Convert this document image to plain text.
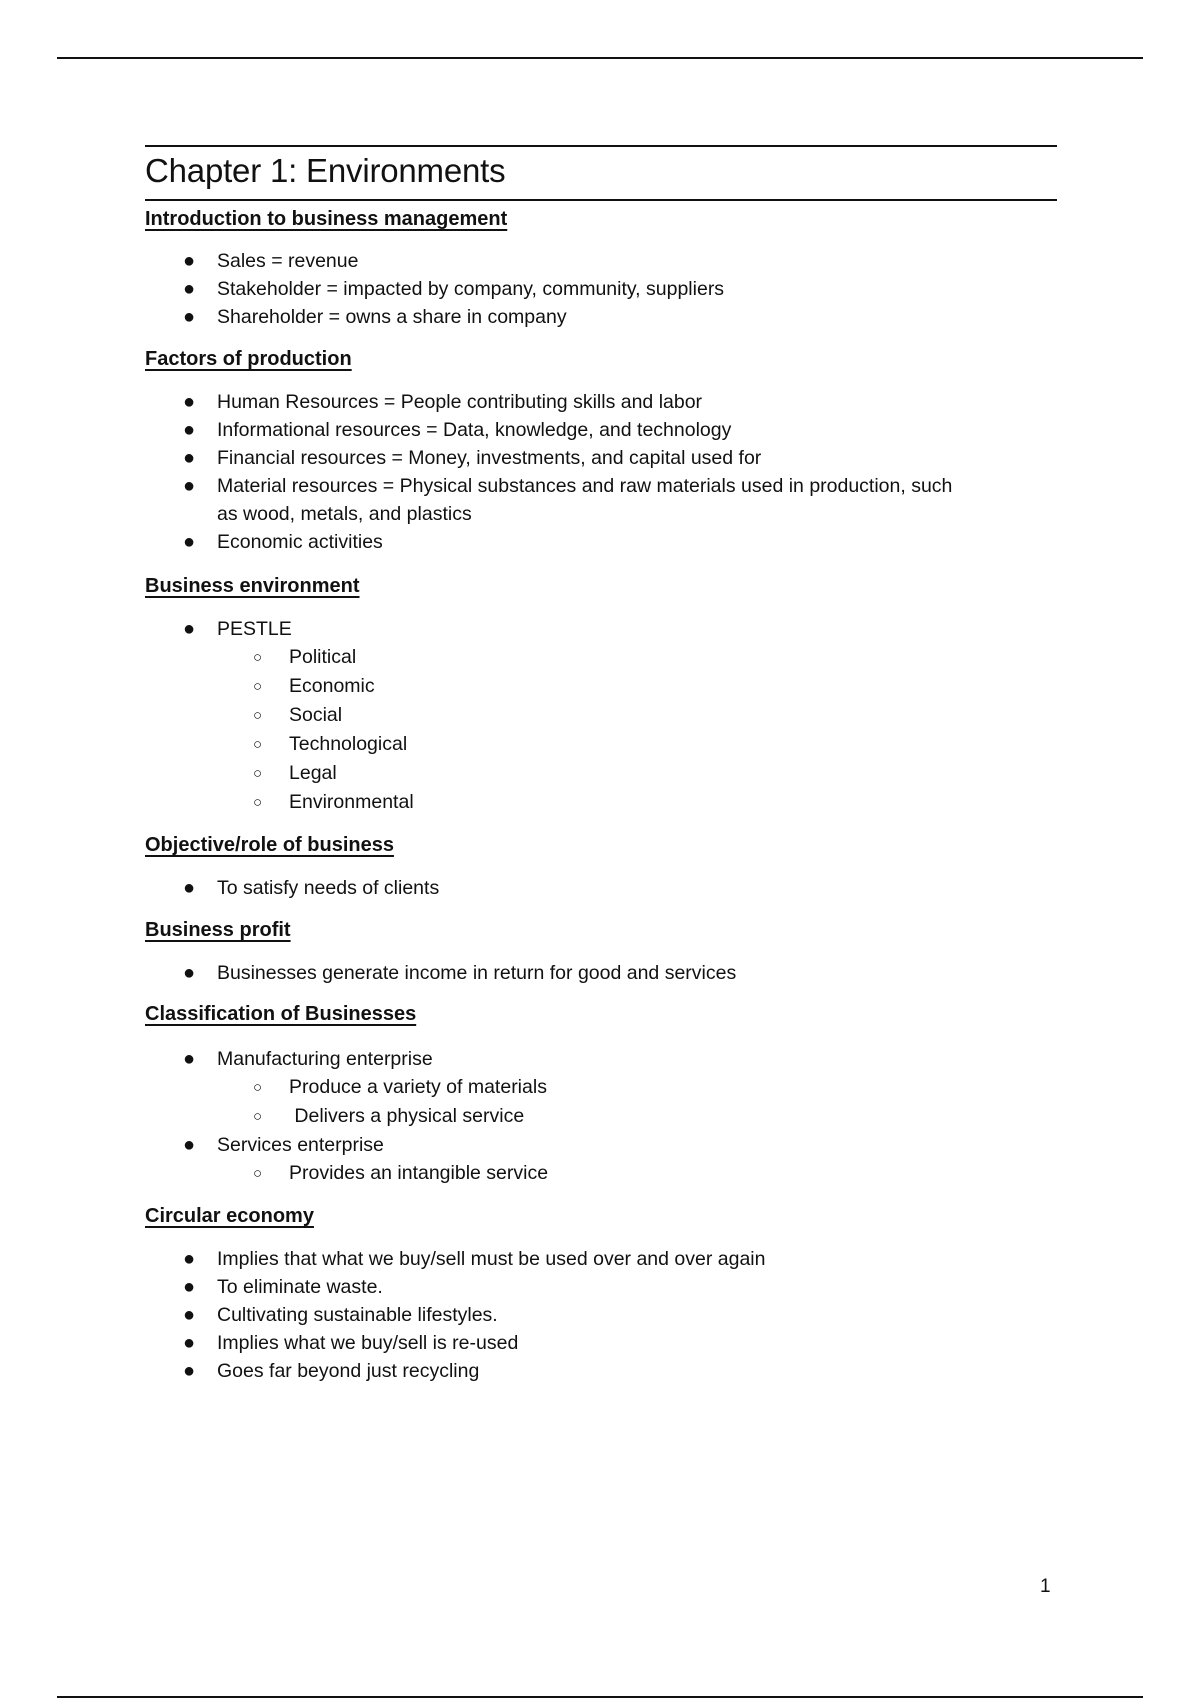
Chapter 1: Environments
Introduction to business management
● Sales = revenue
● Stakeholder = impacted by company, community, suppliers
● Shareholder = owns a share in company
Factors of production
● Human Resources = People contributing skills and labor
● Informational resources = Data, knowledge, and technology
● Financial resources = Money, investments, and capital used for
● Material resources = Physical substances and raw materials used in production, such as wood, metals, and plastics
● Economic activities
Business environment
● PESTLE
○ Political
○ Economic
○ Social
○ Technological
○ Legal
○ Environmental
Objective/role of business
● To satisfy needs of clients
Business profit
● Businesses generate income in return for good and services
Classification of Businesses
● Manufacturing enterprise
○ Produce a variety of materials
○ Delivers a physical service
● Services enterprise
○ Provides an intangible service
Circular economy
● Implies that what we buy/sell must be used over and over again
● To eliminate waste.
● Cultivating sustainable lifestyles.
● Implies what we buy/sell is re-used
● Goes far beyond just recycling
1
